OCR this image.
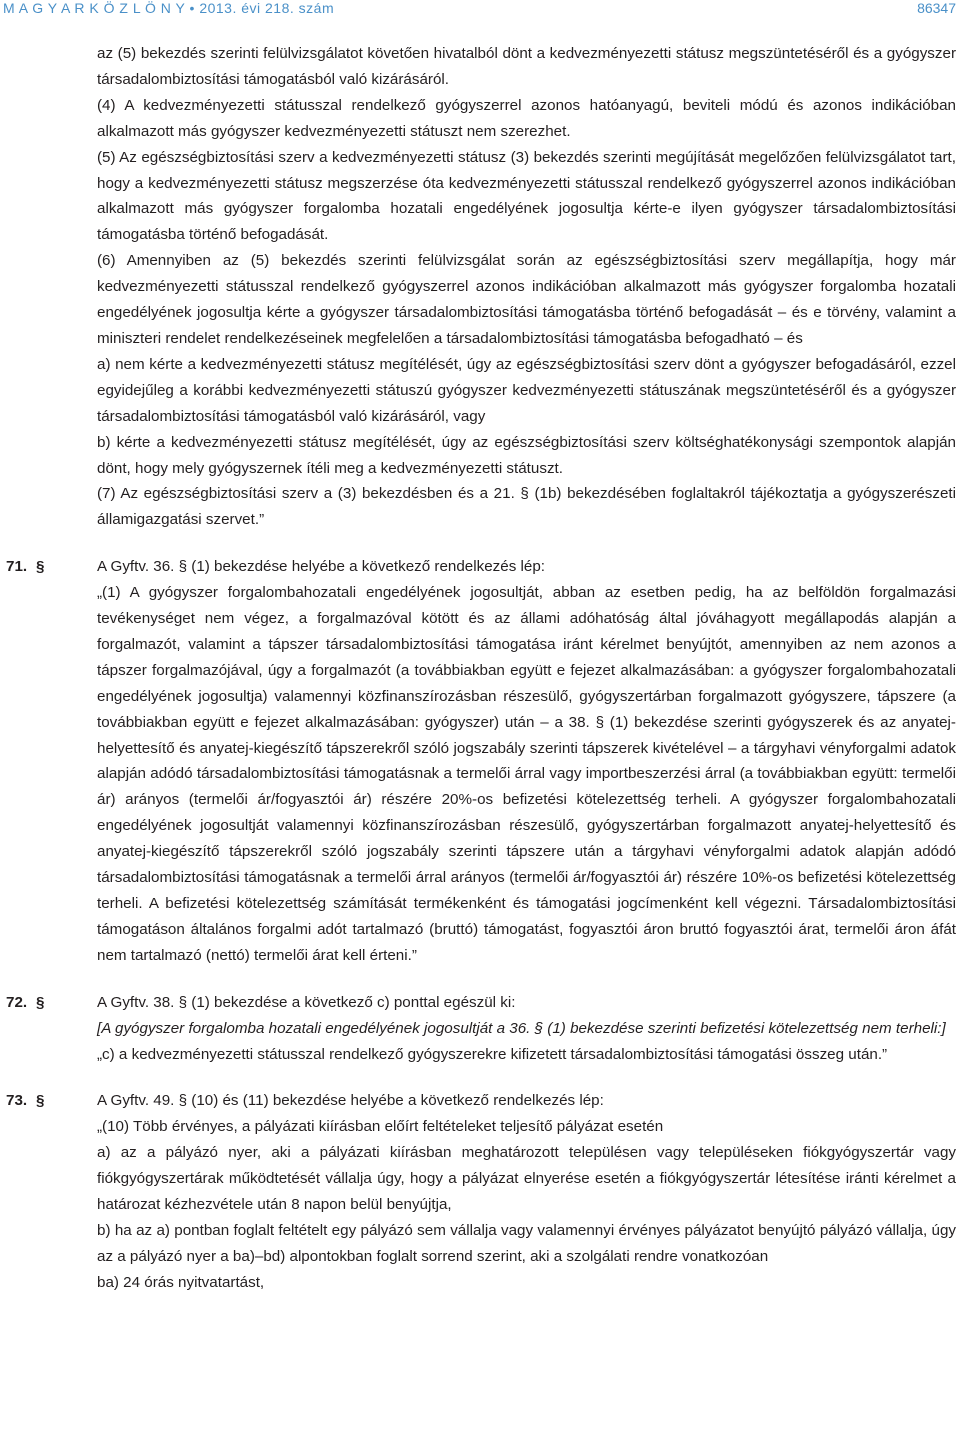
M A G Y A R K Ö Z L Ö N Y • 2013. évi 218. szám	86347
az (5) bekezdés szerinti felülvizsgálatot követően hivatalból dönt a kedvezményezetti státusz megszüntetéséről és a gyógyszer társadalombiztosítási támogatásból való kizárásáról.
(4) A kedvezményezetti státusszal rendelkező gyógyszerrel azonos hatóanyagú, beviteli módú és azonos indikációban alkalmazott más gyógyszer kedvezményezetti státuszt nem szerezhet.
(5) Az egészségbiztosítási szerv a kedvezményezetti státusz (3) bekezdés szerinti megújítását megelőzően felülvizsgálatot tart, hogy a kedvezményezetti státusz megszerzése óta kedvezményezetti státusszal rendelkező gyógyszerrel azonos indikációban alkalmazott más gyógyszer forgalomba hozatali engedélyének jogosultja kérte-e ilyen gyógyszer társadalombiztosítási támogatásba történő befogadását.
(6) Amennyiben az (5) bekezdés szerinti felülvizsgálat során az egészségbiztosítási szerv megállapítja, hogy már kedvezményezetti státusszal rendelkező gyógyszerrel azonos indikációban alkalmazott más gyógyszer forgalomba hozatali engedélyének jogosultja kérte a gyógyszer társadalombiztosítási támogatásba történő befogadását – és e törvény, valamint a miniszteri rendelet rendelkezéseinek megfelelően a társadalombiztosítási támogatásba befogadható – és
a) nem kérte a kedvezményezetti státusz megítélését, úgy az egészségbiztosítási szerv dönt a gyógyszer befogadásáról, ezzel egyidejűleg a korábbi kedvezményezetti státuszú gyógyszer kedvezményezetti státuszának megszüntetéséről és a gyógyszer társadalombiztosítási támogatásból való kizárásáról, vagy
b) kérte a kedvezményezetti státusz megítélését, úgy az egészségbiztosítási szerv költséghatékonysági szempontok alapján dönt, hogy mely gyógyszernek ítéli meg a kedvezményezetti státuszt.
(7) Az egészségbiztosítási szerv a (3) bekezdésben és a 21. § (1b) bekezdésében foglaltakról tájékoztatja a gyógyszerészeti államigazgatási szervet.”
71. §	A Gyftv. 36. § (1) bekezdése helyébe a következő rendelkezés lép:
„(1) A gyógyszer forgalombahozatali engedélyének jogosultját, abban az esetben pedig, ha az belföldön forgalmazási tevékenységet nem végez, a forgalmazóval kötött és az állami adóhatóság által jóváhagyott megállapodás alapján a forgalmazót, valamint a tápszer társadalombiztosítási támogatása iránt kérelmet benyújtót, amennyiben az nem azonos a tápszer forgalmazójával, úgy a forgalmazót (a továbbiakban együtt e fejezet alkalmazásában: a gyógyszer forgalombahozatali engedélyének jogosultja) valamennyi közfinanszírozásban részesülő, gyógyszertárban forgalmazott gyógyszere, tápszere (a továbbiakban együtt e fejezet alkalmazásában: gyógyszer) után – a 38. § (1) bekezdése szerinti gyógyszerek és az anyatej-helyettesítő és anyatej-kiegészítő tápszerekről szóló jogszabály szerinti tápszerek kivételével – a tárgyhavi vényforgalmi adatok alapján adódó társadalombiztosítási támogatásnak a termelői árral vagy importbeszerzési árral (a továbbiakban együtt: termelői ár) arányos (termelői ár/fogyasztói ár) részére 20%-os befizetési kötelezettség terheli. A gyógyszer forgalombahozatali engedélyének jogosultját valamennyi közfinanszírozásban részesülő, gyógyszertárban forgalmazott anyatej-helyettesítő és anyatej-kiegészítő tápszerekről szóló jogszabály szerinti tápszere után a tárgyhavi vényforgalmi adatok alapján adódó társadalombiztosítási támogatásnak a termelői árral arányos (termelői ár/fogyasztói ár) részére 10%-os befizetési kötelezettség terheli. A befizetési kötelezettség számítását termékenként és támogatási jogcímenként kell végezni. Társadalombiztosítási támogatáson általános forgalmi adót tartalmazó (bruttó) támogatást, fogyasztói áron bruttó fogyasztói árat, termelői áron áfát nem tartalmazó (nettó) termelői árat kell érteni.”
72. §	A Gyftv. 38. § (1) bekezdése a következő c) ponttal egészül ki:
[A gyógyszer forgalomba hozatali engedélyének jogosultját a 36. § (1) bekezdése szerinti befizetési kötelezettség nem terheli:]
„c) a kedvezményezetti státusszal rendelkező gyógyszerekre kifizetett társadalombiztosítási támogatási összeg után.”
73. §	A Gyftv. 49. § (10) és (11) bekezdése helyébe a következő rendelkezés lép:
„(10) Több érvényes, a pályázati kiírásban előírt feltételeket teljesítő pályázat esetén
a) az a pályázó nyer, aki a pályázati kiírásban meghatározott településen vagy településeken fiókgyógyszertár vagy fiókgyógyszertárak működtetését vállalja úgy, hogy a pályázat elnyerése esetén a fiókgyógyszertár létesítése iránti kérelmet a határozat kézhezvétele után 8 napon belül benyújtja,
b) ha az a) pontban foglalt feltételt egy pályázó sem vállalja vagy valamennyi érvényes pályázatot benyújtó pályázó vállalja, úgy az a pályázó nyer a ba)–bd) alpontokban foglalt sorrend szerint, aki a szolgálati rendre vonatkozóan
ba) 24 órás nyitvatartást,
